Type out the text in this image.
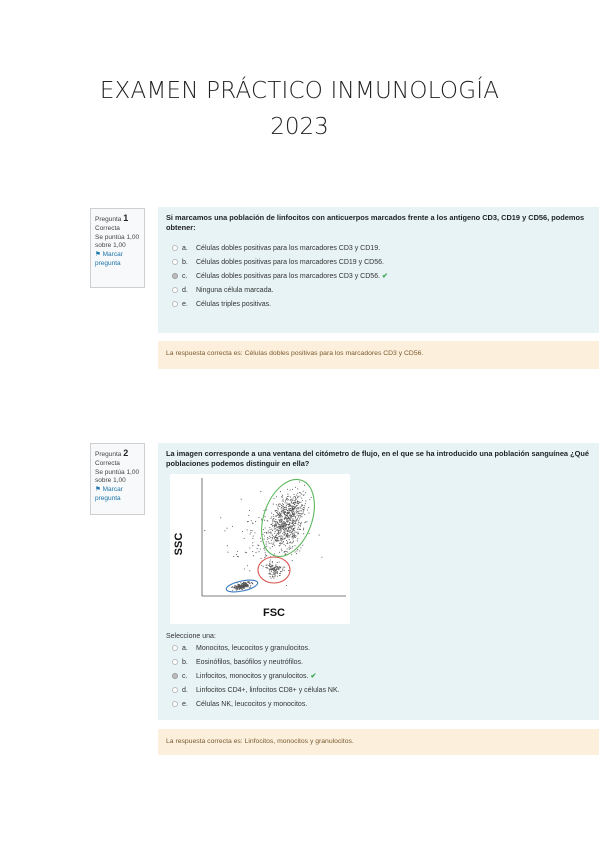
EXAMEN PRÁCTICO INMUNOLOGÍA
2023
Pregunta 1
Correcta
Se puntúa 1,00 sobre 1,00
⚑ Marcar pregunta
Si marcamos una población de linfocitos con anticuerpos marcados frente a los antigeno CD3, CD19 y CD56, podemos obtener:
a. Células dobles positivas para los marcadores CD3 y CD19.
b. Células dobles positivas para los marcadores CD19 y CD56.
c. Células dobles positivas para los marcadores CD3 y CD56. ✔
d. Ninguna célula marcada.
e. Células triples positivas.
La respuesta correcta es: Células dobles positivas para los marcadores CD3 y CD56.
Pregunta 2
Correcta
Se puntúa 1,00 sobre 1,00
⚑ Marcar pregunta
La imagen corresponde a una ventana del citómetro de flujo, en el que se ha introducido una población sanguínea ¿Qué poblaciones podemos distinguir en ella?
SSC
FSC
Seleccione una:
a. Monocitos, leucocitos y granulocitos.
b. Eosinófilos, basófilos y neutrófilos.
c. Linfocitos, monocitos y granulocitos. ✔
d. Linfocitos CD4+, linfocitos CD8+ y células NK.
e. Células NK, leucocitos y monocitos.
La respuesta correcta es: Linfocitos, monocitos y granulocitos.
